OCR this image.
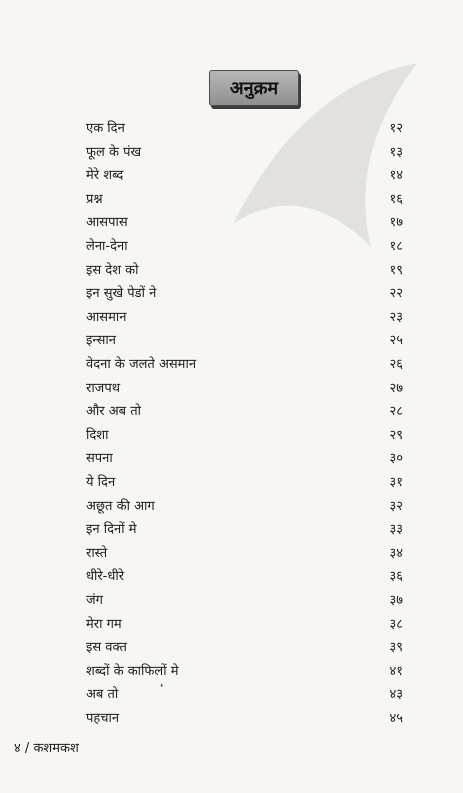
अनुक्रम
एक दिन	१२
फूल के पंख	१३
मेरे शब्द	१४
प्रश्न	१६
आसपास	१७
लेना-देना	१८
इस देश को	१९
इन सुखे पेडों ने	२२
आसमान	२३
इन्सान	२५
वेदना के जलते असमान	२६
राजपथ	२७
और अब तो	२८
दिशा	२९
सपना	३०
ये दिन	३१
अछूत की आग	३२
इन दिनों मे	३३
रास्ते	३४
धीरे-धीरे	३६
जंग	३७
मेरा गम	३८
इस वक्त	३९
शब्दों के काफिलों मे	४१
अब तो	४३
पहचान	४५
❛
४ / कशमकश
